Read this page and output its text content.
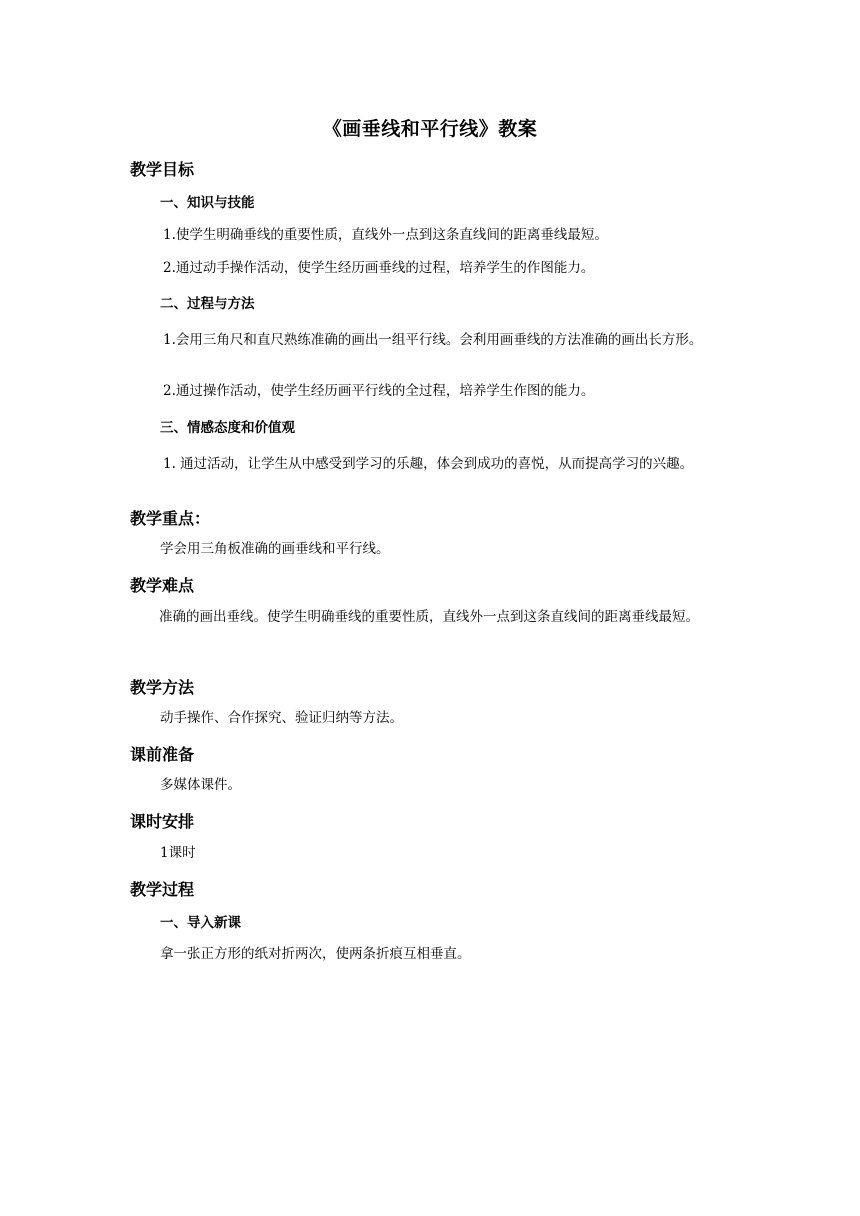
《画垂线和平行线》教案
教学目标
一、知识与技能

1.使学生明确垂线的重要性质，直线外一点到这条直线间的距离垂线最短。

2.通过动手操作活动，使学生经历画垂线的过程，培养学生的作图能力。

二、过程与方法

1.会用三角尺和直尺熟练准确的画出一组平行线。会利用画垂线的方法准确的画出长方形。

2.通过操作活动，使学生经历画平行线的全过程，培养学生作图的能力。

三、情感态度和价值观

1. 通过活动，让学生从中感受到学习的乐趣，体会到成功的喜悦，从而提高学习的兴趣。

教学重点：

学会用三角板准确的画垂线和平行线。

教学难点

准确的画出垂线。使学生明确垂线的重要性质，直线外一点到这条直线间的距离垂线最短。

教学方法

动手操作、合作探究、验证归纳等方法。

课前准备

多媒体课件。

课时安排

1课时

教学过程
一、导入新课

拿一张正方形的纸对折两次，使两条折痕互相垂直。
